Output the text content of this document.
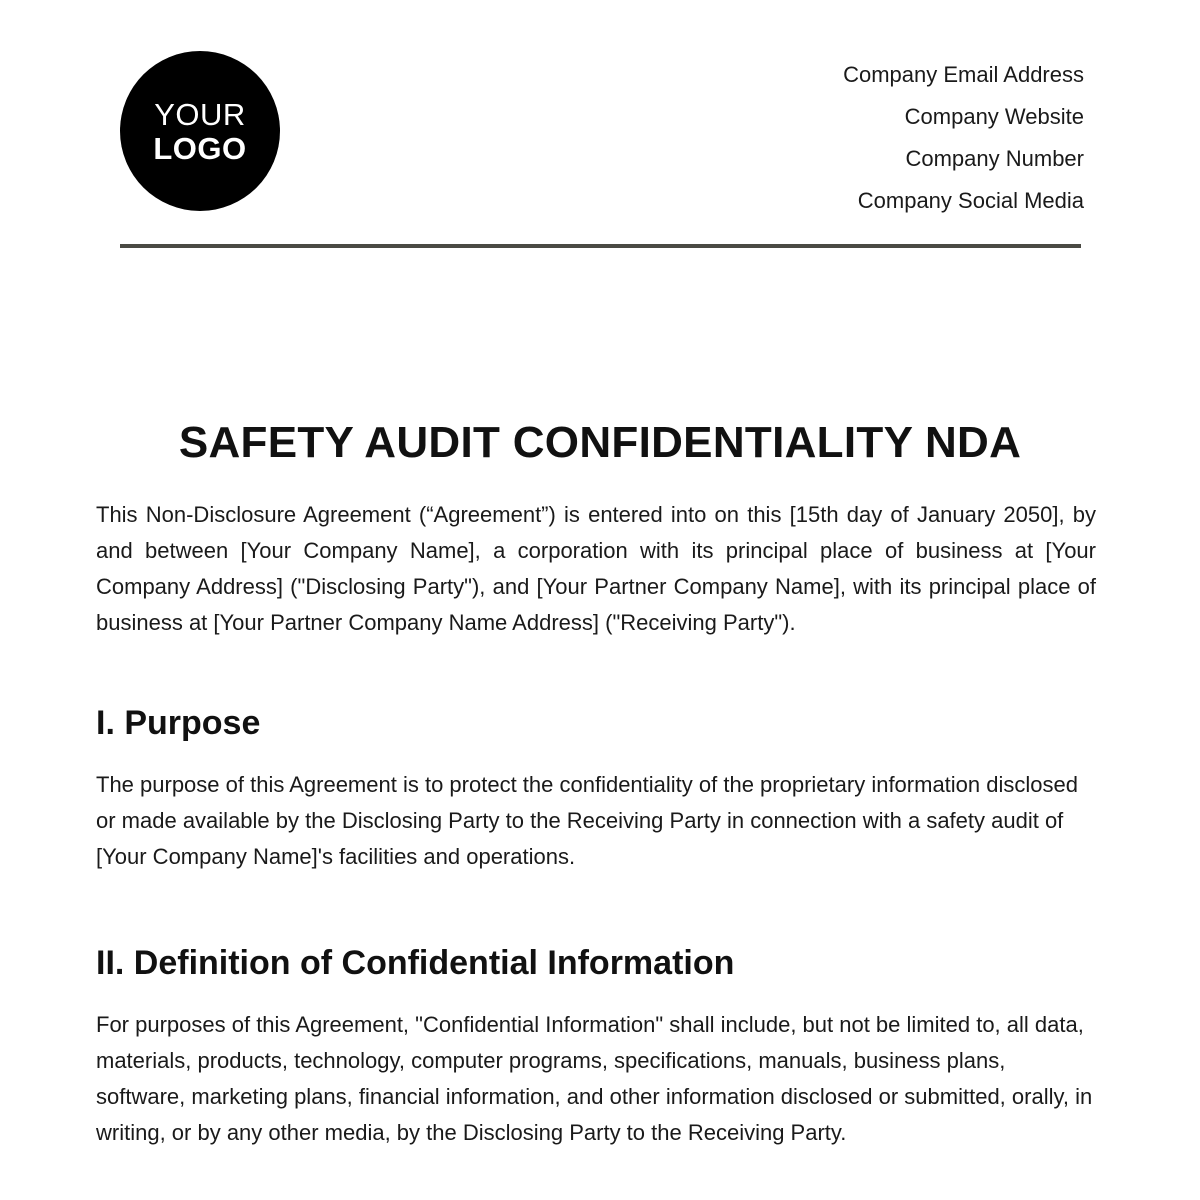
YOUR
LOGO
Company Email Address
Company Website
Company Number
Company Social Media
SAFETY AUDIT CONFIDENTIALITY NDA

This Non-Disclosure Agreement (“Agreement”) is entered into on this [15th day of January 2050], by and between [Your Company Name], a corporation with its principal place of business at [Your Company Address] ("Disclosing Party"), and [Your Partner Company Name], with its principal place of business at [Your Partner Company Name Address] ("Receiving Party").

I. Purpose

The purpose of this Agreement is to protect the confidentiality of the proprietary information disclosed or made available by the Disclosing Party to the Receiving Party in connection with a safety audit of [Your Company Name]'s facilities and operations.

II. Definition of Confidential Information

For purposes of this Agreement, "Confidential Information" shall include, but not be limited to, all data, materials, products, technology, computer programs, specifications, manuals, business plans, software, marketing plans, financial information, and other information disclosed or submitted, orally, in writing, or by any other media, by the Disclosing Party to the Receiving Party.
